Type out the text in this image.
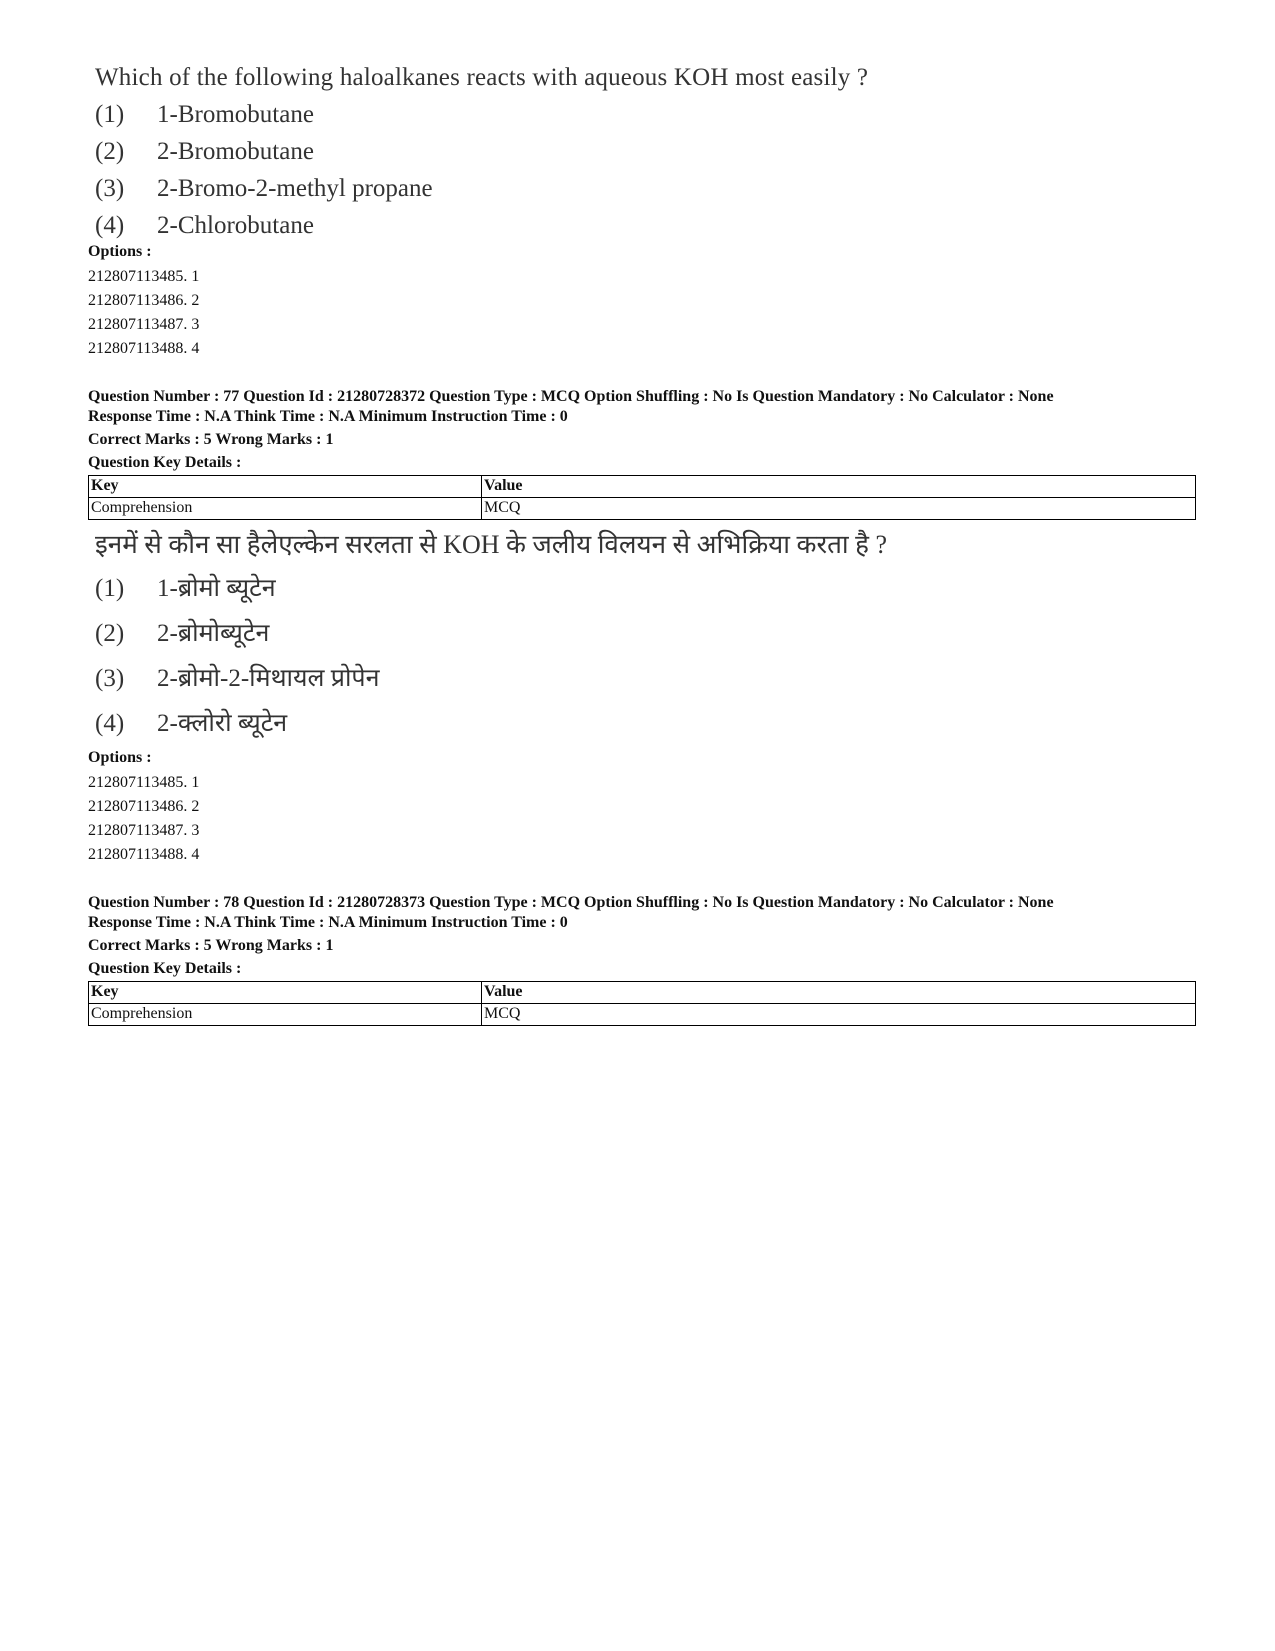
Which of the following haloalkanes reacts with aqueous KOH most easily ?
(1)	1-Bromobutane
(2)	2-Bromobutane
(3)	2-Bromo-2-methyl propane
(4)	2-Chlorobutane
Options :
212807113485. 1
212807113486. 2
212807113487. 3
212807113488. 4
Question Number : 77 Question Id : 21280728372 Question Type : MCQ Option Shuffling : No Is Question Mandatory : No Calculator : None
Response Time : N.A Think Time : N.A Minimum Instruction Time : 0
Correct Marks : 5 Wrong Marks : 1
Question Key Details :
Key	Value
Comprehension	MCQ
इनमें से कौन सा हैलेएल्केन सरलता से KOH के जलीय विलयन से अभिक्रिया करता है ?
(1)	1-ब्रोमो ब्यूटेन
(2)	2-ब्रोमोब्यूटेन
(3)	2-ब्रोमो-2-मिथायल प्रोपेन
(4)	2-क्लोरो ब्यूटेन
Options :
212807113485. 1
212807113486. 2
212807113487. 3
212807113488. 4
Question Number : 78 Question Id : 21280728373 Question Type : MCQ Option Shuffling : No Is Question Mandatory : No Calculator : None
Response Time : N.A Think Time : N.A Minimum Instruction Time : 0
Correct Marks : 5 Wrong Marks : 1
Question Key Details :
Key	Value
Comprehension	MCQ
